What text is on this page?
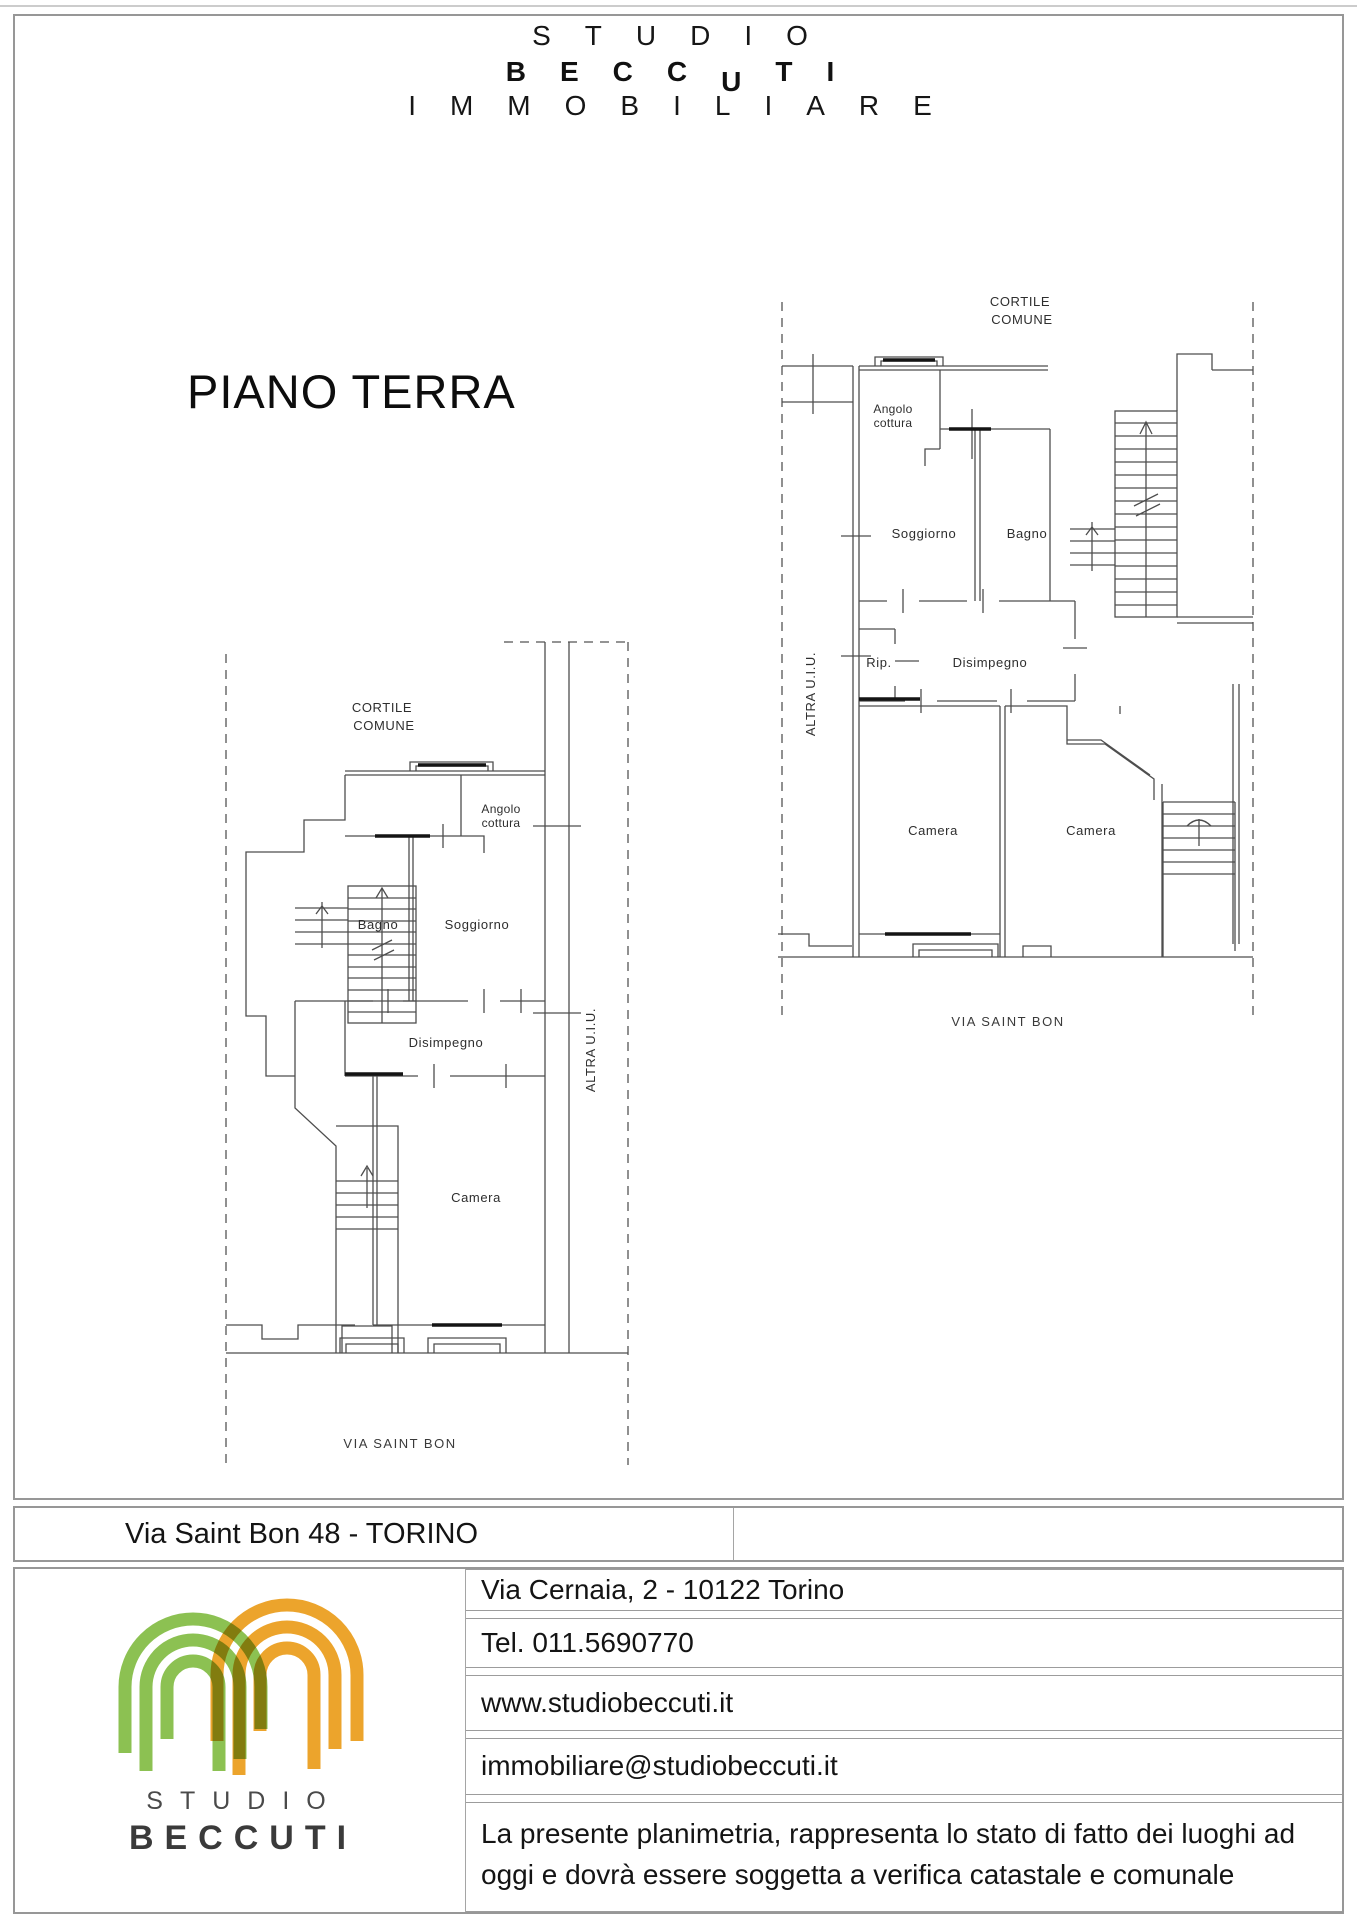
STUDIO
BECCUTI
IMMOBILIARE
PIANO TERRA
CORTILE
COMUNE
Angolo
cottura
Bagno	Soggiorno
Disimpegno
Camera
ALTRA U.I.U.
VIA SAINT BON
CORTILE
COMUNE
Angolo
cottura
Soggiorno	Bagno
Rip.	Disimpegno
Camera	Camera
ALTRA U.I.U.
VIA SAINT BON
Via Saint Bon 48 - TORINO
STUDIO
BECCUTI
Via Cernaia, 2 - 10122 Torino
Tel. 011.5690770
www.studiobeccuti.it
immobiliare@studiobeccuti.it
La presente planimetria, rappresenta lo stato di fatto dei luoghi ad oggi e dovrà essere soggetta a verifica catastale e comunale
